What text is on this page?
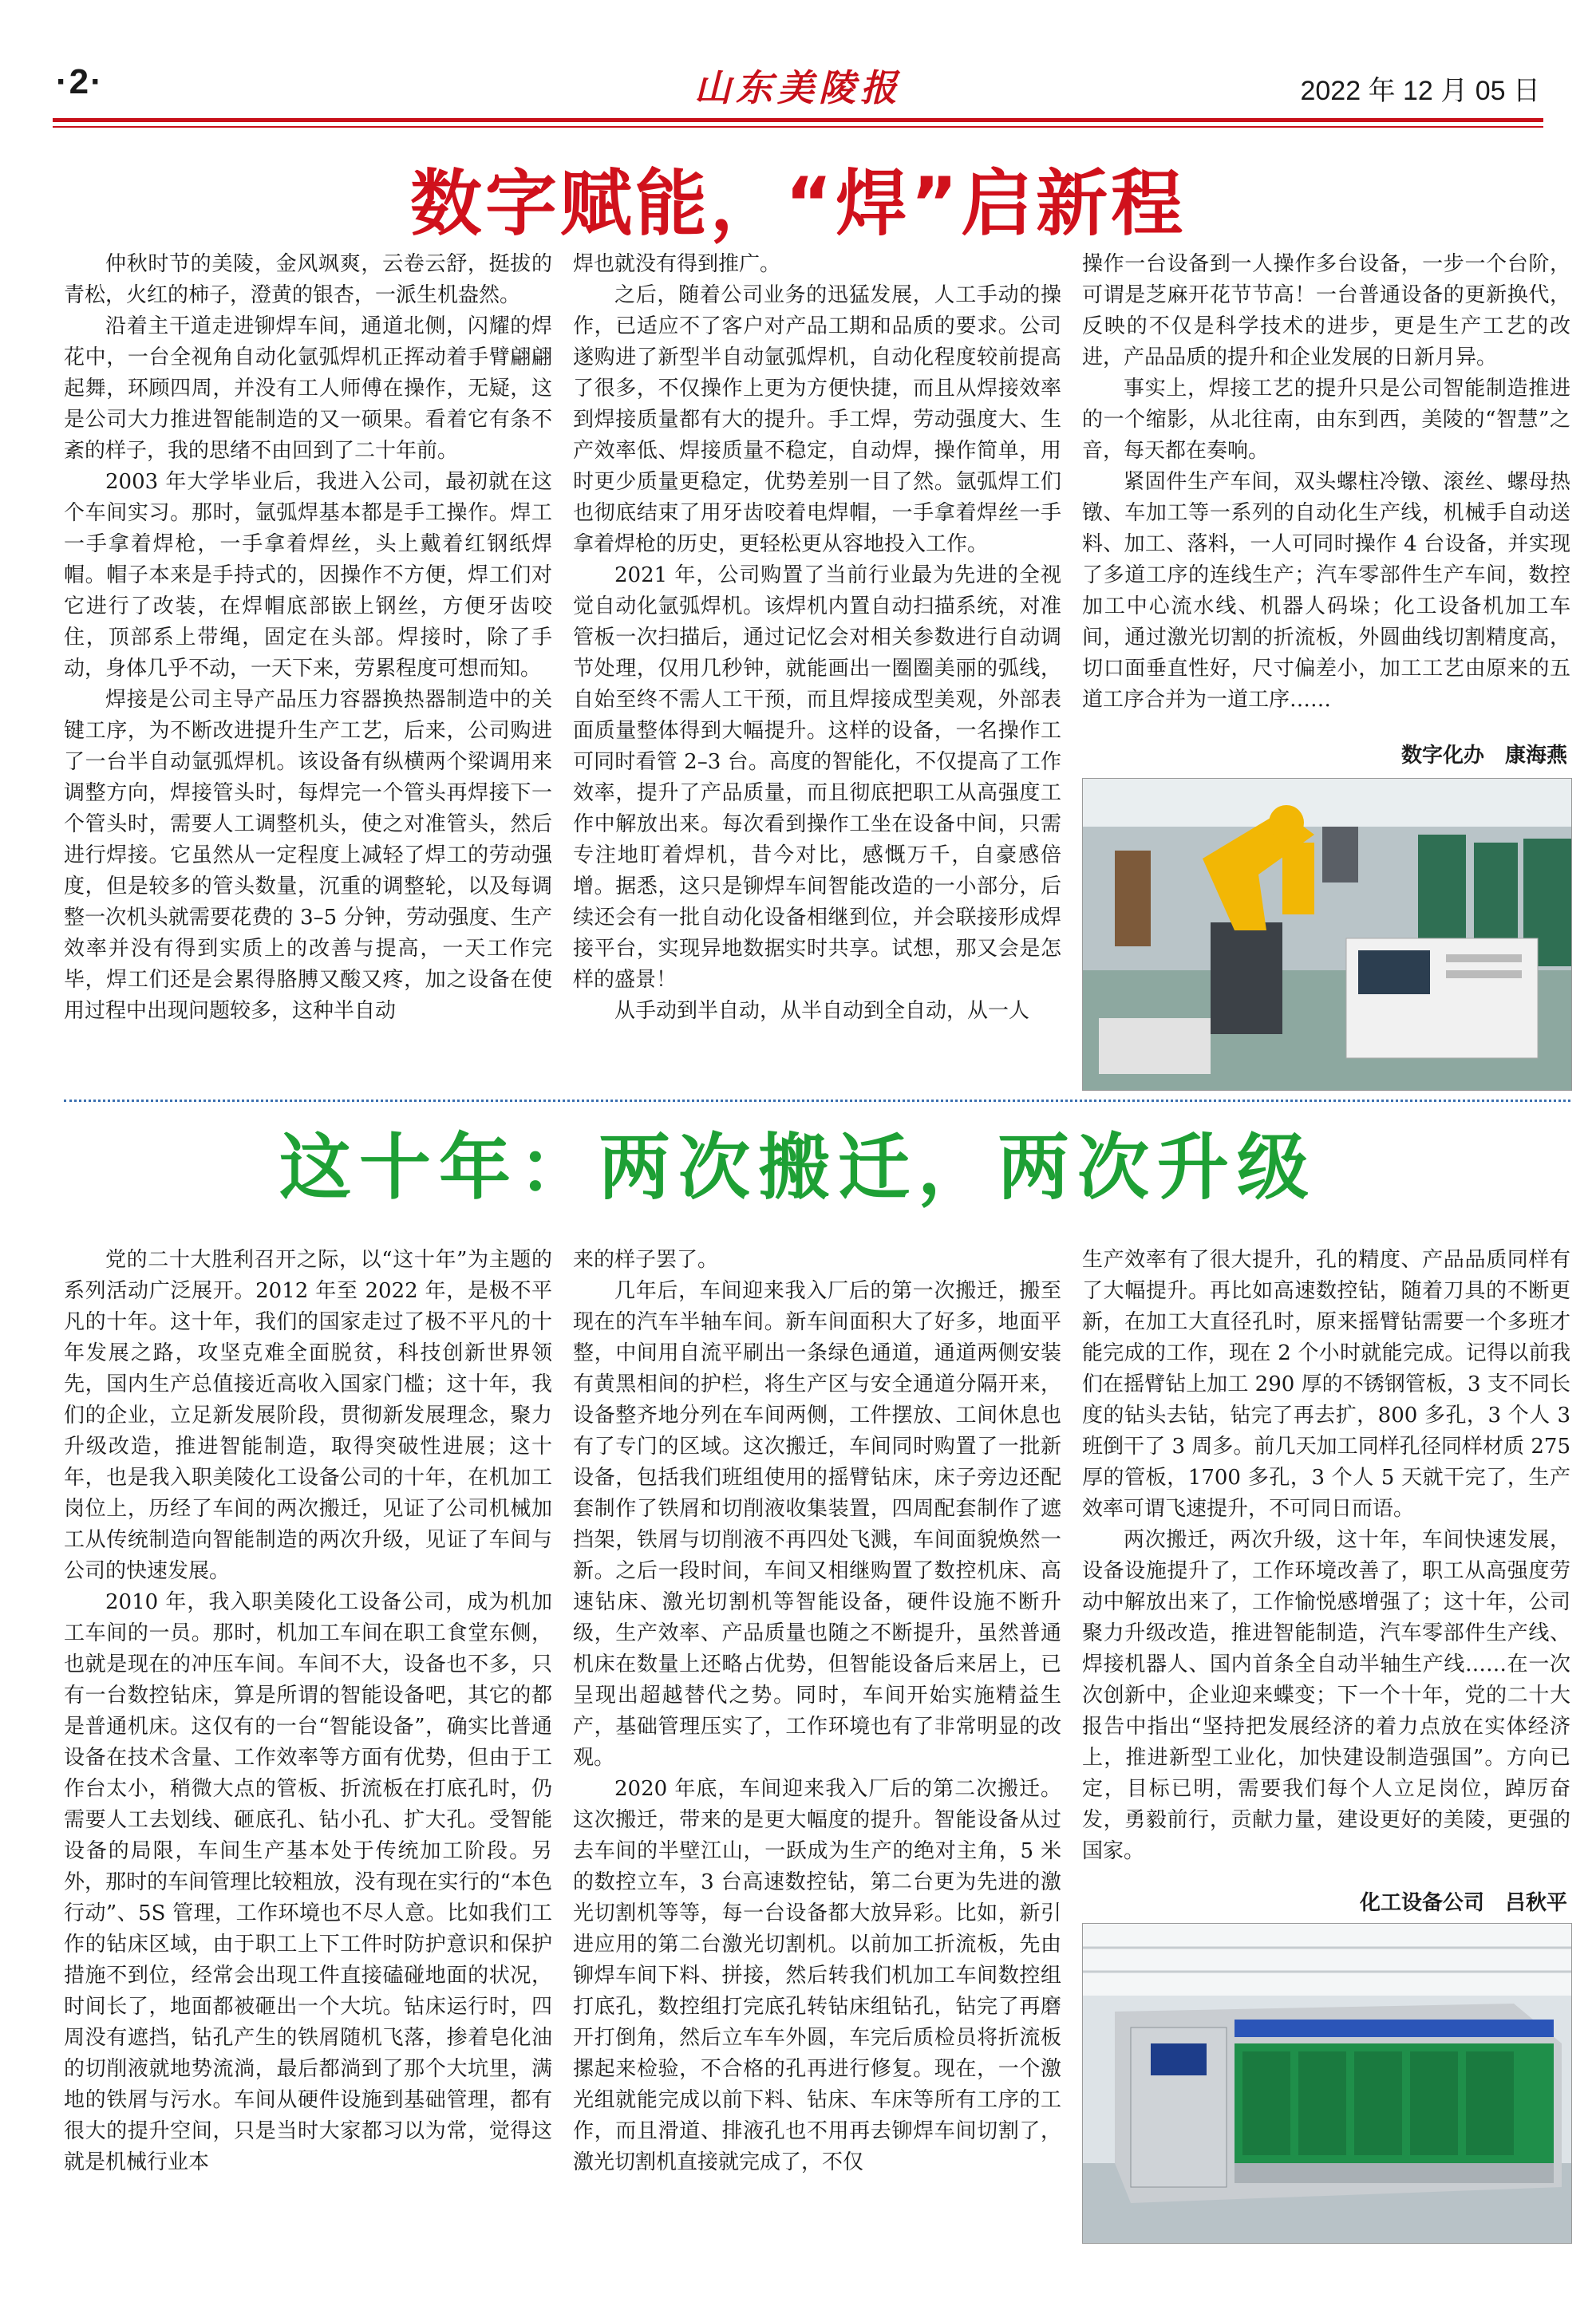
·2·	山东美陵报	2022 年 12 月 05 日
数字赋能，“焊”启新程

仲秋时节的美陵，金风飒爽，云卷云舒，挺拔的青松，火红的柿子，澄黄的银杏，一派生机盎然。

沿着主干道走进铆焊车间，通道北侧，闪耀的焊花中，一台全视角自动化氩弧焊机正挥动着手臂翩翩起舞，环顾四周，并没有工人师傅在操作，无疑，这是公司大力推进智能制造的又一硕果。看着它有条不紊的样子，我的思绪不由回到了二十年前。

2003 年大学毕业后，我进入公司，最初就在这个车间实习。那时，氩弧焊基本都是手工操作。焊工一手拿着焊枪，一手拿着焊丝，头上戴着红钢纸焊帽。帽子本来是手持式的，因操作不方便，焊工们对它进行了改装，在焊帽底部嵌上钢丝，方便牙齿咬住，顶部系上带绳，固定在头部。焊接时，除了手动，身体几乎不动，一天下来，劳累程度可想而知。

焊接是公司主导产品压力容器换热器制造中的关键工序，为不断改进提升生产工艺，后来，公司购进了一台半自动氩弧焊机。该设备有纵横两个梁调用来调整方向，焊接管头时，每焊完一个管头再焊接下一个管头时，需要人工调整机头，使之对准管头，然后进行焊接。它虽然从一定程度上减轻了焊工的劳动强度，但是较多的管头数量，沉重的调整轮，以及每调整一次机头就需要花费的 3–5 分钟，劳动强度、生产效率并没有得到实质上的改善与提高，一天工作完毕，焊工们还是会累得胳膊又酸又疼，加之设备在使用过程中出现问题较多，这种半自动

焊也就没有得到推广。

之后，随着公司业务的迅猛发展，人工手动的操作，已适应不了客户对产品工期和品质的要求。公司遂购进了新型半自动氩弧焊机，自动化程度较前提高了很多，不仅操作上更为方便快捷，而且从焊接效率到焊接质量都有大的提升。手工焊，劳动强度大、生产效率低、焊接质量不稳定，自动焊，操作简单，用时更少质量更稳定，优势差别一目了然。氩弧焊工们也彻底结束了用牙齿咬着电焊帽，一手拿着焊丝一手拿着焊枪的历史，更轻松更从容地投入工作。

2021 年，公司购置了当前行业最为先进的全视觉自动化氩弧焊机。该焊机内置自动扫描系统，对准管板一次扫描后，通过记忆会对相关参数进行自动调节处理，仅用几秒钟，就能画出一圈圈美丽的弧线，自始至终不需人工干预，而且焊接成型美观，外部表面质量整体得到大幅提升。这样的设备，一名操作工可同时看管 2–3 台。高度的智能化，不仅提高了工作效率，提升了产品质量，而且彻底把职工从高强度工作中解放出来。每次看到操作工坐在设备中间，只需专注地盯着焊机，昔今对比，感慨万千，自豪感倍增。据悉，这只是铆焊车间智能改造的一小部分，后续还会有一批自动化设备相继到位，并会联接形成焊接平台，实现异地数据实时共享。试想，那又会是怎样的盛景！

从手动到半自动，从半自动到全自动，从一人

操作一台设备到一人操作多台设备，一步一个台阶，可谓是芝麻开花节节高！一台普通设备的更新换代，反映的不仅是科学技术的进步，更是生产工艺的改进，产品品质的提升和企业发展的日新月异。

事实上，焊接工艺的提升只是公司智能制造推进的一个缩影，从北往南，由东到西，美陵的“智慧”之音，每天都在奏响。

紧固件生产车间，双头螺柱冷镦、滚丝、螺母热镦、车加工等一系列的自动化生产线，机械手自动送料、加工、落料，一人可同时操作 4 台设备，并实现了多道工序的连线生产；汽车零部件生产车间，数控加工中心流水线、机器人码垛；化工设备机加工车间，通过激光切割的折流板，外圆曲线切割精度高，切口面垂直性好，尺寸偏差小，加工工艺由原来的五道工序合并为一道工序……

数字化办　康海燕
这十年：两次搬迁，两次升级

党的二十大胜利召开之际，以“这十年”为主题的系列活动广泛展开。2012 年至 2022 年，是极不平凡的十年。这十年，我们的国家走过了极不平凡的十年发展之路，攻坚克难全面脱贫，科技创新世界领先，国内生产总值接近高收入国家门槛；这十年，我们的企业，立足新发展阶段，贯彻新发展理念，聚力升级改造，推进智能制造，取得突破性进展；这十年，也是我入职美陵化工设备公司的十年，在机加工岗位上，历经了车间的两次搬迁，见证了公司机械加工从传统制造向智能制造的两次升级，见证了车间与公司的快速发展。

2010 年，我入职美陵化工设备公司，成为机加工车间的一员。那时，机加工车间在职工食堂东侧，也就是现在的冲压车间。车间不大，设备也不多，只有一台数控钻床，算是所谓的智能设备吧，其它的都是普通机床。这仅有的一台“智能设备”，确实比普通设备在技术含量、工作效率等方面有优势，但由于工作台太小，稍微大点的管板、折流板在打底孔时，仍需要人工去划线、砸底孔、钻小孔、扩大孔。受智能设备的局限，车间生产基本处于传统加工阶段。另外，那时的车间管理比较粗放，没有现在实行的“本色行动”、5S 管理，工作环境也不尽人意。比如我们工作的钻床区域，由于职工上下工件时防护意识和保护措施不到位，经常会出现工件直接磕碰地面的状况，时间长了，地面都被砸出一个大坑。钻床运行时，四周没有遮挡，钻孔产生的铁屑随机飞落，掺着皂化油的切削液就地势流淌，最后都淌到了那个大坑里，满地的铁屑与污水。车间从硬件设施到基础管理，都有很大的提升空间，只是当时大家都习以为常，觉得这就是机械行业本

来的样子罢了。

几年后，车间迎来我入厂后的第一次搬迁，搬至现在的汽车半轴车间。新车间面积大了好多，地面平整，中间用自流平刷出一条绿色通道，通道两侧安装有黄黑相间的护栏，将生产区与安全通道分隔开来，设备整齐地分列在车间两侧，工件摆放、工间休息也有了专门的区域。这次搬迁，车间同时购置了一批新设备，包括我们班组使用的摇臂钻床，床子旁边还配套制作了铁屑和切削液收集装置，四周配套制作了遮挡架，铁屑与切削液不再四处飞溅，车间面貌焕然一新。之后一段时间，车间又相继购置了数控机床、高速钻床、激光切割机等智能设备，硬件设施不断升级，生产效率、产品质量也随之不断提升，虽然普通机床在数量上还略占优势，但智能设备后来居上，已呈现出超越替代之势。同时，车间开始实施精益生产，基础管理压实了，工作环境也有了非常明显的改观。

2020 年底，车间迎来我入厂后的第二次搬迁。这次搬迁，带来的是更大幅度的提升。智能设备从过去车间的半壁江山，一跃成为生产的绝对主角，5 米的数控立车，3 台高速数控钻，第二台更为先进的激光切割机等等，每一台设备都大放异彩。比如，新引进应用的第二台激光切割机。以前加工折流板，先由铆焊车间下料、拼接，然后转我们机加工车间数控组打底孔，数控组打完底孔转钻床组钻孔，钻完了再磨开打倒角，然后立车车外圆，车完后质检员将折流板摞起来检验，不合格的孔再进行修复。现在，一个激光组就能完成以前下料、钻床、车床等所有工序的工作，而且滑道、排液孔也不用再去铆焊车间切割了，激光切割机直接就完成了，不仅

生产效率有了很大提升，孔的精度、产品品质同样有了大幅提升。再比如高速数控钻，随着刀具的不断更新，在加工大直径孔时，原来摇臂钻需要一个多班才能完成的工作，现在 2 个小时就能完成。记得以前我们在摇臂钻上加工 290 厚的不锈钢管板，3 支不同长度的钻头去钻，钻完了再去扩，800 多孔，3 个人 3 班倒干了 3 周多。前几天加工同样孔径同样材质 275 厚的管板，1700 多孔，3 个人 5 天就干完了，生产效率可谓飞速提升，不可同日而语。

两次搬迁，两次升级，这十年，车间快速发展，设备设施提升了，工作环境改善了，职工从高强度劳动中解放出来了，工作愉悦感增强了；这十年，公司聚力升级改造，推进智能制造，汽车零部件生产线、焊接机器人、国内首条全自动半轴生产线……在一次次创新中，企业迎来蝶变；下一个十年，党的二十大报告中指出“坚持把发展经济的着力点放在实体经济上，推进新型工业化，加快建设制造强国”。方向已定，目标已明，需要我们每个人立足岗位，踔厉奋发，勇毅前行，贡献力量，建设更好的美陵，更强的国家。

化工设备公司　吕秋平
